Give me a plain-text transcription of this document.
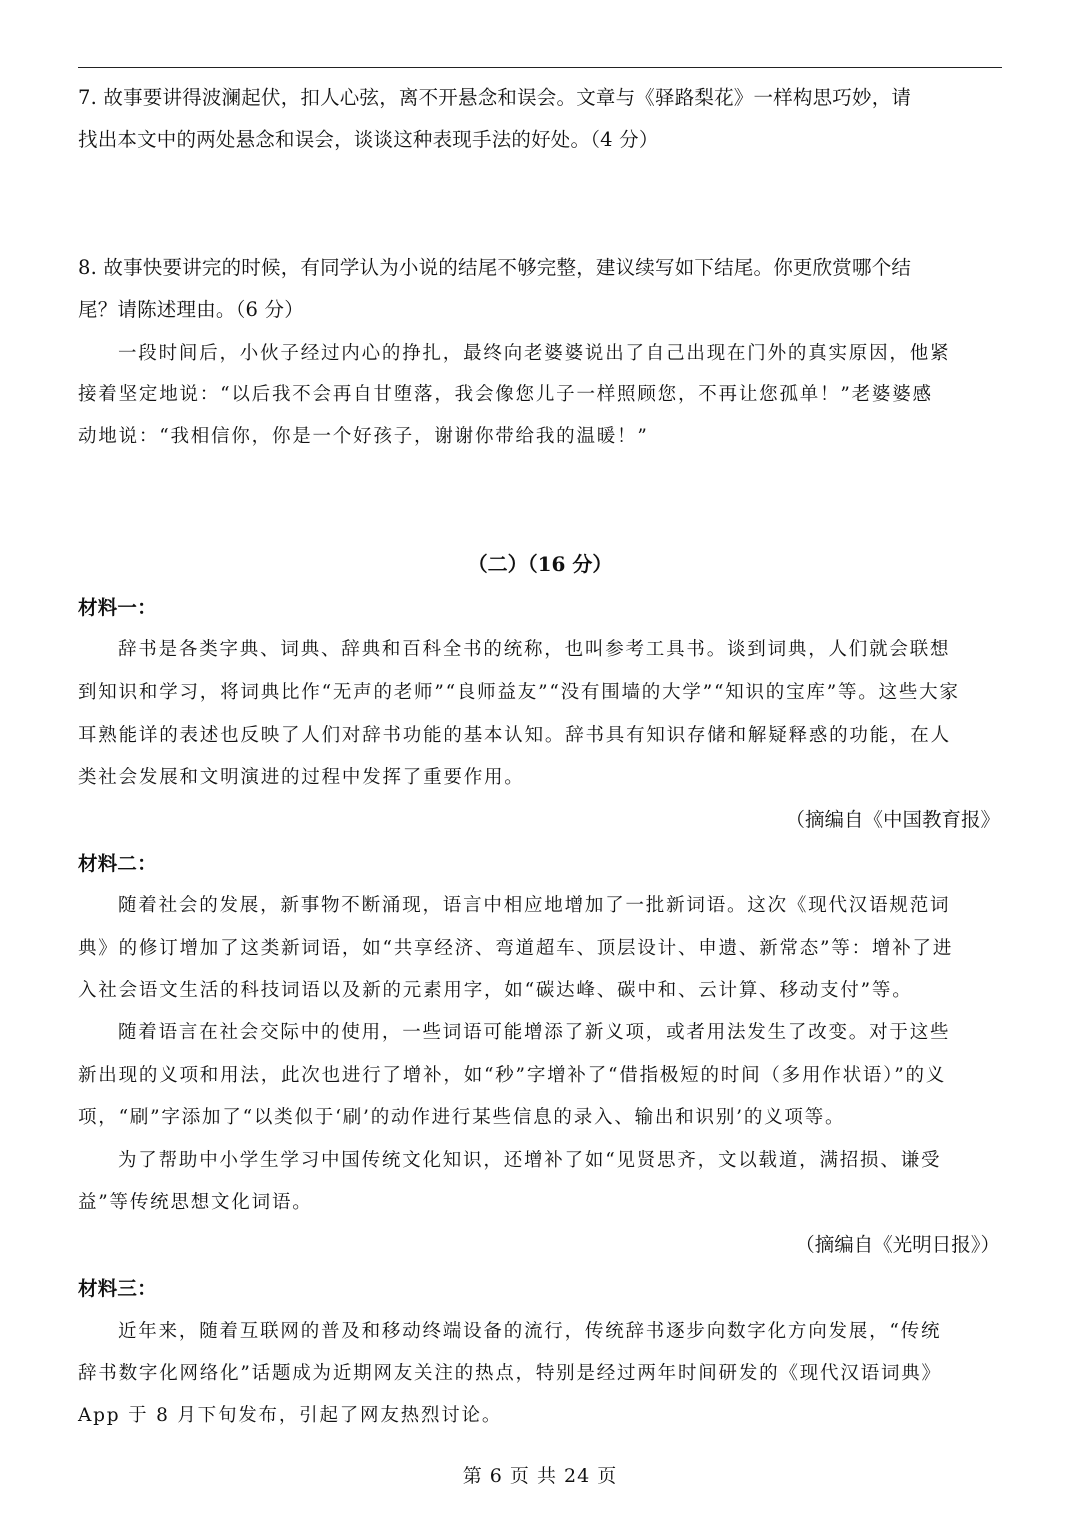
7. 故事要讲得波澜起伏，扣人心弦，离不开悬念和误会。文章与《驿路梨花》一样构思巧妙，请
找出本文中的两处悬念和误会，谈谈这种表现手法的好处。（4 分）
8. 故事快要讲完的时候，有同学认为小说的结尾不够完整，建议续写如下结尾。你更欣赏哪个结
尾？请陈述理由。（6 分）
一段时间后，小伙子经过内心的挣扎，最终向老婆婆说出了自己出现在门外的真实原因，他紧
接着坚定地说：“以后我不会再自甘堕落，我会像您儿子一样照顾您，不再让您孤单！”老婆婆感
动地说：“我相信你，你是一个好孩子，谢谢你带给我的温暖！”
（二）（16 分）
材料一：
辞书是各类字典、词典、辞典和百科全书的统称，也叫参考工具书。谈到词典，人们就会联想
到知识和学习，将词典比作“无声的老师”“良师益友”“没有围墙的大学”“知识的宝库”等。这些大家
耳熟能详的表述也反映了人们对辞书功能的基本认知。辞书具有知识存储和解疑释惑的功能，在人
类社会发展和文明演进的过程中发挥了重要作用。
（摘编自《中国教育报》
材料二：
随着社会的发展，新事物不断涌现，语言中相应地增加了一批新词语。这次《现代汉语规范词
典》的修订增加了这类新词语，如“共享经济、弯道超车、顶层设计、申遗、新常态”等：增补了进
入社会语文生活的科技词语以及新的元素用字，如“碳达峰、碳中和、云计算、移动支付”等。
随着语言在社会交际中的使用，一些词语可能增添了新义项，或者用法发生了改变。对于这些
新出现的义项和用法，此次也进行了增补，如“秒”字增补了“借指极短的时间（多用作状语）”的义
项，“刷”字添加了“以类似于‘刷’的动作进行某些信息的录入、输出和识别’的义项等。
为了帮助中小学生学习中国传统文化知识，还增补了如“见贤思齐，文以载道，满招损、谦受
益”等传统思想文化词语。
（摘编自《光明日报》）
材料三：
近年来，随着互联网的普及和移动终端设备的流行，传统辞书逐步向数字化方向发展，“传统
辞书数字化网络化”话题成为近期网友关注的热点，特别是经过两年时间研发的《现代汉语词典》
App 于 8 月下旬发布，引起了网友热烈讨论。
第 6 页 共 24 页
